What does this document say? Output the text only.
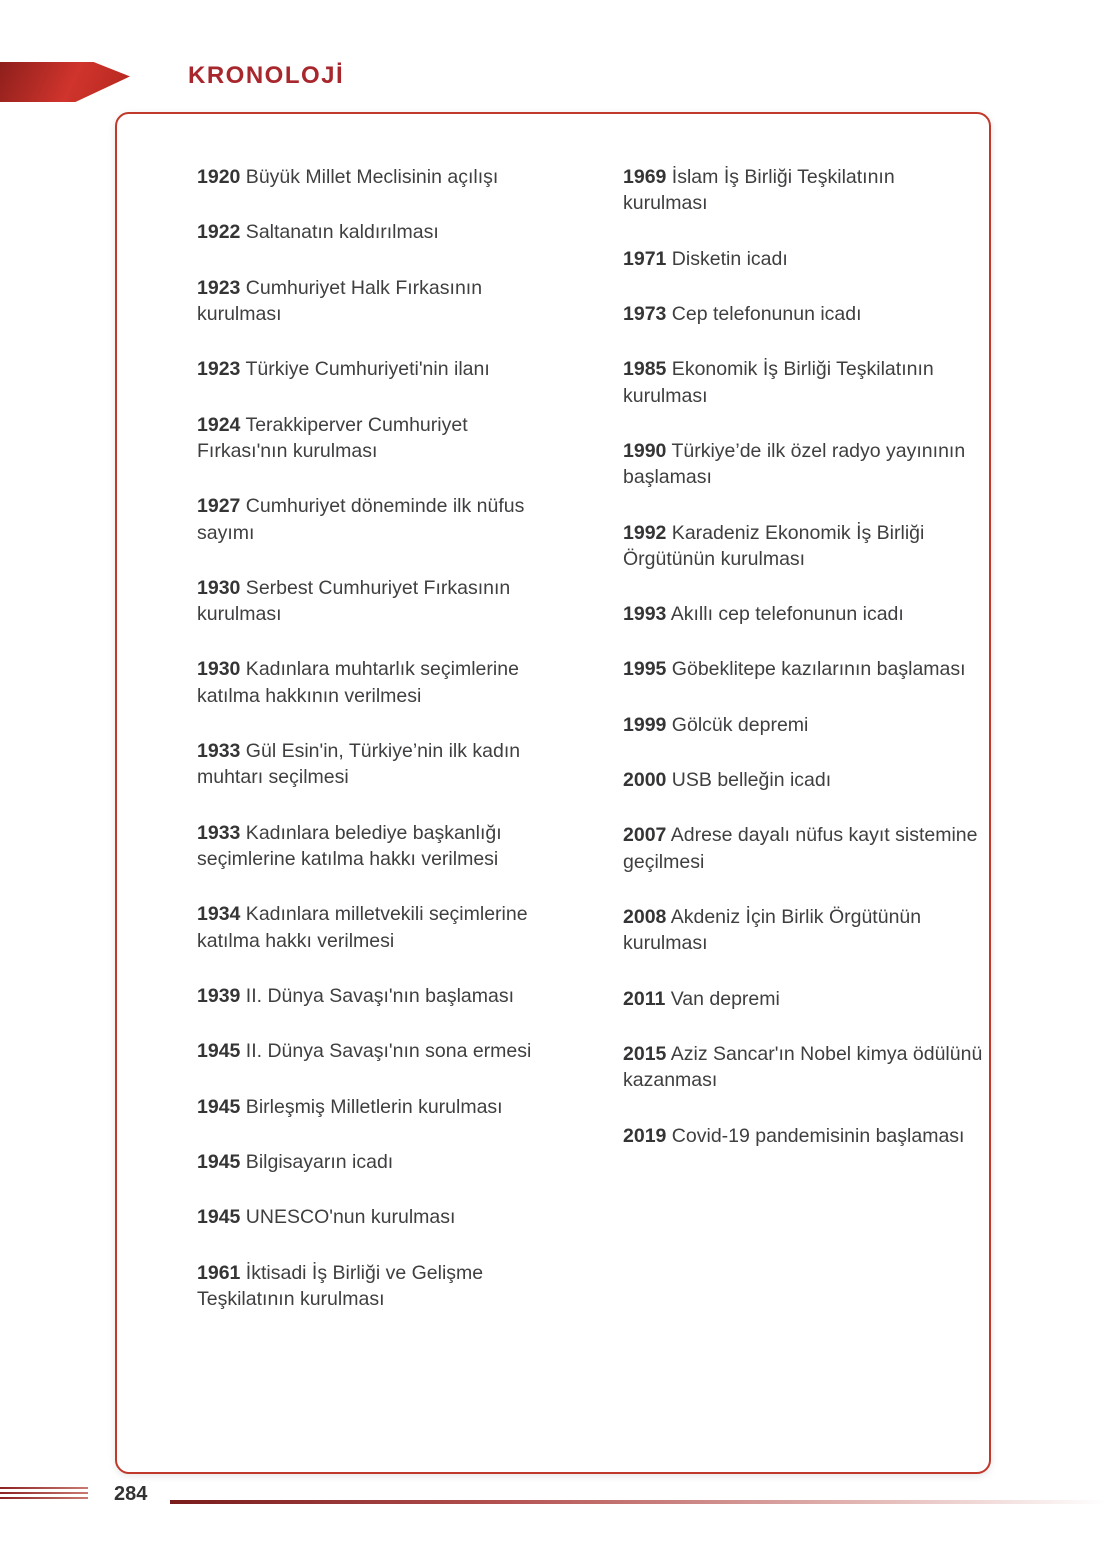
KRONOLOJİ

1920 Büyük Millet Meclisinin açılışı

1922 Saltanatın kaldırılması

1923 Cumhuriyet Halk Fırkasının kurulması

1923 Türkiye Cumhuriyeti'nin ilanı

1924 Terakkiperver Cumhuriyet Fırkası'nın kurulması

1927 Cumhuriyet döneminde ilk nüfus sayımı

1930 Serbest Cumhuriyet Fırkasının kurulması

1930 Kadınlara muhtarlık seçimlerine katılma hakkının verilmesi

1933 Gül Esin'in, Türkiye’nin ilk kadın muhtarı seçilmesi

1933 Kadınlara belediye başkanlığı seçimlerine katılma hakkı verilmesi

1934 Kadınlara milletvekili seçimlerine katılma hakkı verilmesi

1939 II. Dünya Savaşı'nın başlaması

1945 II. Dünya Savaşı'nın sona ermesi

1945 Birleşmiş Milletlerin kurulması

1945 Bilgisayarın icadı

1945 UNESCO'nun kurulması

1961 İktisadi İş Birliği ve Gelişme Teşkilatının kurulması

1969 İslam İş Birliği Teşkilatının kurulması

1971 Disketin icadı

1973 Cep telefonunun icadı

1985 Ekonomik İş Birliği Teşkilatının kurulması

1990 Türkiye’de ilk özel radyo yayınının başlaması

1992 Karadeniz Ekonomik İş Birliği Örgütünün kurulması

1993 Akıllı cep telefonunun icadı

1995 Göbeklitepe kazılarının başlaması

1999 Gölcük depremi

2000 USB belleğin icadı

2007 Adrese dayalı nüfus kayıt sistemine geçilmesi

2008 Akdeniz İçin Birlik Örgütünün kurulması

2011 Van depremi

2015 Aziz Sancar'ın Nobel kimya ödülünü kazanması

2019 Covid-19 pandemisinin başlaması

284
